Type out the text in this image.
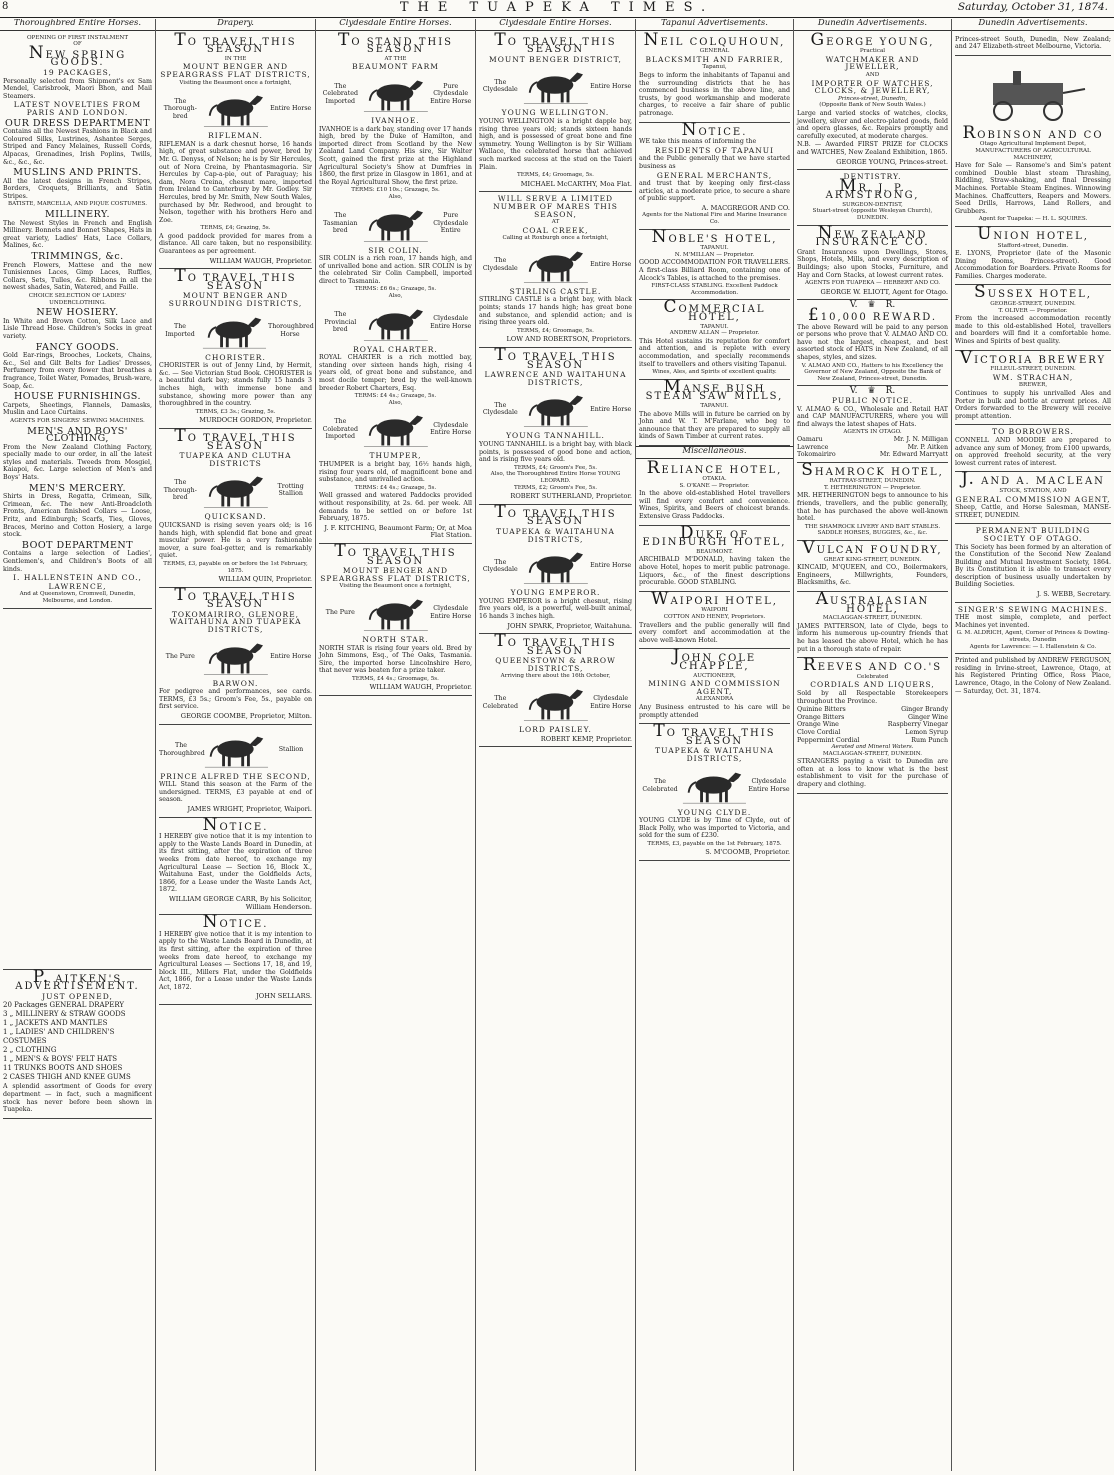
8	THE TUAPEKA TIMES.	Saturday, October 31, 1874.
Thoroughbred Entire Horses.
OPENING OF FIRST INSTALMENT
OF
NEW SPRING GOODS.
19 PACKAGES,

Personally selected from Shipment's ex Sam Mendel, Carisbrook, Maori Bhon, and Mail Steamers.

LATEST NOVELTIES FROM PARIS AND LONDON.
OUR DRESS DEPARTMENT

Contains all the Newest Fashions in Black and Coloured Silks, Lustrines, Ashantee Serges, Striped and Fancy Melaines, Russell Cords, Alpacas, Grenadines, Irish Poplins, Twills, &c., &c., &c.

MUSLINS AND PRINTS.

All the latest designs in French Stripes, Borders, Croquets, Brilliants, and Satin Stripes.

BATISTE, MARCELLA, AND PIQUE COSTUMES.
MILLINERY.

The Newest Styles in French and English Millinery. Bonnets and Bonnet Shapes, Hats in great variety, Ladies' Hats, Lace Collars, Malines, &c.

TRIMMINGS, &c.

French Flowers, Mattese and the new Tunisiennes Laces, Gimp Laces, Ruffles, Collars, Sets, Tulles, &c. Ribbons in all the newest shades, Satin, Watered, and Faille.

CHOICE SELECTION OF LADIES' UNDERCLOTHING.
NEW HOSIERY.

In White and Brown Cotton, Silk Lace and Lisle Thread Hose. Children's Socks in great variety.

FANCY GOODS.

Gold Ear-rings, Brooches, Lockets, Chains, &c., Sel and Gilt Belts for Ladies' Dresses, Perfumery from every flower that breathes a fragrance, Toilet Water, Pomades, Brush-ware, Soap, &c.

HOUSE FURNISHINGS.

Carpets, Sheetings, Flannels, Damasks, Muslin and Lace Curtains.

AGENTS FOR SINGERS' SEWING MACHINES.
MEN'S AND BOYS' CLOTHING,

From the New Zealand Clothing Factory, specially made to our order, in all the latest styles and materials. Tweeds from Mosgiel, Kaiapoi, &c. Large selection of Men's and Boys' Hats.

MEN'S MERCERY.

Shirts in Dress, Regatta, Crimean, Silk, Crimean, &c. The new Anti-Broadcloth Fronts, American finished Collars — Loose, Fritz, and Edinburgh; Scarfs, Ties, Gloves, Braces, Merino and Cotton Hosiery, a large stock.

BOOT DEPARTMENT

Contains a large selection of Ladies', Gentlemen's, and Children's Boots of all kinds.

I. HALLENSTEIN AND CO.,
LAWRENCE,
And at Queenstown, Cromwell, Dunedin, Melbourne, and London.
P. AITKEN'S ADVERTISEMENT.
JUST OPENED,
20 Packages GENERAL DRAPERY
3 „ MILLINERY & STRAW GOODS
1 „ JACKETS AND MANTLES
1 „ LADIES' AND CHILDREN'S COSTUMES
2 „ CLOTHING
1 „ MEN'S & BOYS' FELT HATS
11 TRUNKS BOOTS AND SHOES
2 CASES THIGH AND KNEE GUMS

A splendid assortment of Goods for every department — in fact, such a magnificent stock has never before been shown in Tuapeka.

Drapery.
TO TRAVEL THIS SEASON
IN THE
MOUNT BENGER AND SPEARGRASS FLAT DISTRICTS,
Visiting the Beaumont once a fortnight,
The Thorough-bred
Entire Horse
RIFLEMAN.

RIFLEMAN is a dark chesnut horse, 16 hands high, of great substance and power, bred by Mr. G. Denyss, of Nelson; he is by Sir Hercules, out of Nora Creina, by Phantasmagoria. Sir Hercules by Cap-a-pie, out of Paraguay; his dam, Nora Creina, chesnut mare, imported from Ireland to Canterbury by Mr. Godley. Sir Hercules, bred by Mr. Smith, New South Wales, purchased by Mr. Redwood, and brought to Nelson, together with his brothers Hero and Zoe.

TERMS, £4; Grazing, 5s.

A good paddock provided for mares from a distance. All care taken, but no responsibility. Guarantees as per agreement.

WILLIAM WAUGH, Proprietor.
TO TRAVEL THIS SEASON
MOUNT BENGER AND SURROUNDING DISTRICTS,
The Imported
Thoroughbred Horse
CHORISTER.

CHORISTER is out of Jenny Lind, by Hermit, &c. — See Victorian Stud Book. CHORISTER is a beautiful dark bay; stands fully 15 hands 3 inches high, with immense bone and substance, showing more power than any thoroughbred in the country.

TERMS, £3 3s.; Grazing, 5s.
MURDOCH GORDON, Proprietor.
TO TRAVEL THIS SEASON
TUAPEKA AND CLUTHA DISTRICTS
The Thorough-bred
Trotting Stallion
QUICKSAND.

QUICKSAND is rising seven years old; is 16 hands high, with splendid flat bone and great muscular power. He is a very fashionable mover, a sure foal-getter, and is remarkably quiet.

TERMS, £3, payable on or before the 1st February, 1875.
WILLIAM QUIN, Proprietor.
TO TRAVEL THIS SEASON
TOKOMAIRIRO, GLENORE, WAITAHUNA AND TUAPEKA DISTRICTS,
The Pure	Entire Horse
BARWON.

For pedigree and performances, see cards. TERMS, £3 5s.; Groom's Fee, 5s., payable on first service.

GEORGE COOMBE, Proprietor, Milton.
The Thoroughbred
Stallion
PRINCE ALFRED THE SECOND,

WILL Stand this season at the Farm of the undersigned. TERMS, £3 payable at end of season.

JAMES WRIGHT, Proprietor, Waipori.
NOTICE.

I HEREBY give notice that it is my intention to apply to the Waste Lands Board in Dunedin, at its first sitting, after the expiration of three weeks from date hereof, to exchange my Agricultural Lease — Section 16, Block X., Waitahuna East, under the Goldfields Acts, 1866, for a Lease under the Waste Lands Act, 1872.

WILLIAM GEORGE CARR, By his Solicitor, William Henderson.
NOTICE.

I HEREBY give notice that it is my intention to apply to the Waste Lands Board in Dunedin, at its first sitting, after the expiration of three weeks from date hereof, to exchange my Agricultural Leases — Sections 17, 18, and 19, block III., Millers Flat, under the Goldfields Act, 1866, for a Lease under the Waste Lands Act, 1872.

JOHN SELLARS.
Clydesdale Entire Horses.
TO STAND THIS SEASON
AT THE
BEAUMONT FARM
The Celebrated Imported
Pure Clydesdale Entire Horse
IVANHOE.

IVANHOE is a dark bay, standing over 17 hands high, bred by the Duke of Hamilton, and imported direct from Scotland by the New Zealand Land Company. His sire, Sir Walter Scott, gained the first prize at the Highland Agricultural Society's Show at Dumfries in 1860, the first prize in Glasgow in 1861, and at the Royal Agricultural Show, the first prize.

TERMS: £10 10s.; Grazage, 5s.
Also,
The Tasmanian bred
Pure Clydesdale Entire
SIR COLIN.

SIR COLIN is a rich roan, 17 hands high, and of unrivalled bone and action. SIR COLIN is by the celebrated Sir Colin Campbell, imported direct to Tasmania.

TERMS: £6 6s.; Grazage, 5s.
Also,
The Provincial bred
Clydesdale Entire Horse
ROYAL CHARTER.

ROYAL CHARTER is a rich mottled bay, standing over sixteen hands high, rising 4 years old, of great bone and substance, and most docile temper; bred by the well-known breeder Robert Charters, Esq.

TERMS: £4 4s.; Grazage, 5s.
Also,
The Colebrated Imported
Clydesdale Entire Horse
THUMPER,

THUMPER is a bright bay, 16½ hands high, rising four years old, of magnificent bone and substance, and unrivalled action.

TERMS: £4 4s.; Grazage, 5s.

Well grassed and watered Paddocks provided without responsibility, at 2s. 6d. per week. All demands to be settled on or before 1st February, 1875.

J. F. KITCHING, Beaumont Farm; Or, at Moa Flat Station.
TO TRAVEL THIS SEASON
MOUNT BENGER AND SPEARGRASS FLAT DISTRICTS,
Visiting the Beaumont once a fortnight,
The Pure
Clydesdale Entire Horse
NORTH STAR.

NORTH STAR is rising four years old. Bred by John Simmons, Esq., of The Oaks, Tasmania. Sire, the imported horse Lincolnshire Hero, that never was beaten for a prize taker.

TERMS, £4 4s.; Groomage, 5s.
WILLIAM WAUGH, Proprietor.
Clydesdale Entire Horses.
TO TRAVEL THIS SEASON
MOUNT BENGER DISTRICT,
The Clydesdale
Entire Horse
YOUNG WELLINGTON.

YOUNG WELLINGTON is a bright dapple bay, rising three years old; stands sixteen hands high, and is possessed of great bone and fine symmetry. Young Wellington is by Sir William Wallace, the celebrated horse that achieved such marked success at the stud on the Taieri Plain.

TERMS, £4; Groomage, 5s.
MICHAEL McCARTHY, Moa Flat.
WILL SERVE A LIMITED NUMBER OF MARES THIS SEASON,
AT
COAL CREEK,
Calling at Roxburgh once a fortnight,
The Clydesdale
Entire Horse
STIRLING CASTLE.

STIRLING CASTLE is a bright bay, with black points; stands 17 hands high; has great bone and substance, and splendid action; and is rising three years old.

TERMS, £4; Groomage, 5s.
LOW AND ROBERTSON, Proprietors.
TO TRAVEL THIS SEASON
LAWRENCE AND WAITAHUNA DISTRICTS,
The Clydesdale
Entire Horse
YOUNG TANNAHILL.

YOUNG TANNAHILL is a bright bay, with black points, is possessed of good bone and action, and is rising five years old.

TERMS, £4; Groom's Fee, 5s.
Also, the Thoroughbred Entire Horse YOUNG LEOPARD.
TERMS, £2; Groom's Fee, 5s.
ROBERT SUTHERLAND, Proprietor.
TO TRAVEL THIS SEASON
TUAPEKA & WAITAHUNA DISTRICTS,
The Clydesdale
Entire Horse
YOUNG EMPEROR.

YOUNG EMPEROR is a bright chesnut, rising five years old, is a powerful, well-built animal, 16 hands 3 inches high.

JOHN SPARK, Proprietor, Waitahuna.
TO TRAVEL THIS SEASON
QUEENSTOWN & ARROW DISTRICTS,
Arriving there about the 16th October,
The Celebrated
Clydesdale Entire Horse
LORD PAISLEY.
ROBERT KEMP, Proprietor.
Tapanui Advertisements.
NEIL COLQUHOUN,
GENERAL
BLACKSMITH AND FARRIER,
Tapanui,

Begs to inform the inhabitants of Tapanui and the surrounding districts that he has commenced business in the above line, and trusts, by good workmanship and moderate charges, to receive a fair share of public patronage.

NOTICE.

WE take this means of informing the

RESIDENTS OF TAPANUI

and the Public generally that we have started business as

GENERAL MERCHANTS,

and trust that by keeping only first-class articles, at a moderate price, to secure a share of public support.

A. MACGREGOR AND CO.
Agents for the National Fire and Marine Insurance Co.
NOBLE'S HOTEL,
TAPANUI.
N. M'MILLAN — Proprietor.

GOOD ACCOMMODATION FOR TRAVELLERS. A first-class Billiard Room, containing one of Alcock's Tables, is attached to the premises.

FIRST-CLASS STABLING. Excellent Paddock Accommodation.
COMMERCIAL HOTEL,
TAPANUI.
ANDREW ALLAN — Proprietor.

This Hotel sustains its reputation for comfort and attention, and is replete with every accommodation, and specially recommends itself to travellers and others visiting Tapanui.

Wines, Ales, and Spirits of excellent quality.
MANSE BUSH STEAM SAW MILLS,
TAPANUI.

The above Mills will in future be carried on by John and W. T. M'Farlane, who beg to announce that they are prepared to supply all kinds of Sawn Timber at current rates.

Miscellaneous.
RELIANCE HOTEL,
OTAKIA.
S. O'KANE — Proprietor.

In the above old-established Hotel travellers will find every comfort and convenience. Wines, Spirits, and Beers of choicest brands. Extensive Grass Paddocks.

DUKE OF EDINBURGH HOTEL,
BEAUMONT.

ARCHIBALD M'DONALD, having taken the above Hotel, hopes to merit public patronage. Liquors, &c., of the finest descriptions procurable. GOOD STABLING.

WAIPORI HOTEL,
WAIPORI
COTTON AND HENEY, Proprietors.

Travellers and the public generally will find every comfort and accommodation at the above well-known Hotel.

JOHN COLE CHAPPLE,
AUCTIONEER,
MINING AND COMMISSION AGENT,
ALEXANDRA

Any Business entrusted to his care will be promptly attended

TO TRAVEL THIS SEASON
TUAPEKA & WAITAHUNA DISTRICTS,
The Celebrated
Clydesdale Entire Horse
YOUNG CLYDE.

YOUNG CLYDE is by Time of Clyde, out of Black Polly, who was imported to Victoria, and sold for the sum of £230.

TERMS, £3, payable on the 1st February, 1875.
S. M'COOMB, Proprietor.
Dunedin Advertisements.
GEORGE YOUNG,
Practical
WATCHMAKER AND JEWELLER,
AND
IMPORTER OF WATCHES, CLOCKS, & JEWELLERY,
Princes-street, Dunedin,
(Opposite Bank of New South Wales.)

Large and varied stocks of watches, clocks, jewellery, silver and electro-plated goods, field and opera glasses, &c. Repairs promptly and carefully executed, at moderate charges.

N.B. — Awarded FIRST PRIZE for CLOCKS and WATCHES, New Zealand Exhibition, 1865.

GEORGE YOUNG, Princes-street.
DENTISTRY.
MR. J. P. ARMSTRONG,
SURGEON-DENTIST,
Stuart-street (opposite Wesleyan Church), DUNEDIN.
NEW ZEALAND INSURANCE CO.

Grant Insurances upon Dwellings, Stores, Shops, Hotels, Mills, and every description of Buildings; also upon Stocks, Furniture, and Hay and Corn Stacks, at lowest current rates.

AGENTS FOR TUAPEKA — HERBERT AND CO.
GEORGE W. ELIOTT, Agent for Otago.
V. ♛ R.
£10,000 REWARD.

The above Reward will be paid to any person or persons who prove that V. ALMAO AND CO. have not the largest, cheapest, and best assorted stock of HATS in New Zealand, of all shapes, styles, and sizes.

V. ALMAO AND CO., Hatters to his Excellency the Governor of New Zealand, Opposite the Bank of New Zealand, Princes-street, Dunedin.
V. ♛ R.
PUBLIC NOTICE.

V. ALMAO & CO., Wholesale and Retail HAT and CAP MANUFACTURERS, where you will find always the latest shapes of Hats.

AGENTS IN OTAGO.
Oamaru	Mr. J. N. Milligan
Lawrence	Mr. P. Aitken
Tokomairiro	Mr. Edward Marryatt
SHAMROCK HOTEL,
RATTRAY-STREET, DUNEDIN.
T. HETHERINGTON — Proprietor.

MR. HETHERINGTON begs to announce to his friends, travellers, and the public generally, that he has purchased the above well-known hotel.

THE SHAMROCK LIVERY AND BAIT STABLES.
SADDLE HORSES, BUGGIES, &c., &c.
VULCAN FOUNDRY,
GREAT KING-STREET, DUNEDIN.

KINCAID, M'QUEEN, and CO., Boilermakers, Engineers, Millwrights, Founders, Blacksmiths, &c.

AUSTRALASIAN HOTEL,
MACLAGGAN-STREET, DUNEDIN.

JAMES PATTERSON, late of Clyde, begs to inform his numerous up-country friends that he has leased the above Hotel, which he has put in a thorough state of repair.

REEVES AND CO.'S
Celebrated
CORDIALS AND LIQUERS,

Sold by all Respectable Storekeepers throughout the Province.

Quinine Bitters	Ginger Brandy
Orange Bitters	Ginger Wine
Orange Wine	Raspberry Vinegar
Clove Cordial	Lemon Syrup
Peppermint Cordial	Rum Punch
Aerated and Mineral Waters.
MACLAGGAN-STREET, DUNEDIN.

STRANGERS paying a visit to Dunedin are often at a loss to know what is the best establishment to visit for the purchase of drapery and clothing.

Dunedin Advertisements.

Princes-street South, Dunedin, New Zealand; and 247 Elizabeth-street Melbourne, Victoria.

ROBINSON AND CO
Otago Agricultural Implement Depot, MANUFACTURERS OF AGRICULTURAL MACHINERY,

Have for Sale — Ransome's and Sim's patent combined Double blast steam Thrashing, Riddling, Straw-shaking, and final Dressing Machines. Portable Steam Engines. Winnowing Machines. Chaffcutters, Reapers and Mowers. Seed Drills, Harrows, Land Rollers, and Grubbers.

Agent for Tuapeka: — H. L. SQUIRES.
UNION HOTEL,
Stafford-street, Dunedin.

E. LYONS, Proprietor (late of the Masonic Dining Rooms, Princes-street). Good Accommodation for Boarders. Private Rooms for Families. Charges moderate.

SUSSEX HOTEL,
GEORGE-STREET, DUNEDIN.
T. OLIVER — Proprietor.

From the increased accommodation recently made to this old-established Hotel, travellers and boarders will find it a comfortable home. Wines and Spirits of best quality.

VICTORIA BREWERY
FILLEUL-STREET, DUNEDIN.
WM. STRACHAN,
BREWER,

Continues to supply his unrivalled Ales and Porter in bulk and bottle at current prices. All Orders forwarded to the Brewery will receive prompt attention.

TO BORROWERS.

CONNELL AND MOODIE are prepared to advance any sum of Money, from £100 upwards, on approved freehold security, at the very lowest current rates of interest.

J. AND A. MACLEAN
STOCK, STATION, AND
GENERAL COMMISSION AGENT,

Sheep, Cattle, and Horse Salesman, MANSE-STREET, DUNEDIN.

PERMANENT BUILDING SOCIETY OF OTAGO.

This Society has been formed by an alteration of the Constitution of the Second New Zealand Building and Mutual Investment Society, 1864. By its Constitution it is able to transact every description of business usually undertaken by Building Societies.

J. S. WEBB, Secretary.
SINGER'S SEWING MACHINES.

THE most simple, complete, and perfect Machines yet invented.

G. M. ALDRICH, Agent, Corner of Princes & Dowling-streets, Dunedin
Agents for Lawrence: — I. Hallenstein & Co.

Printed and published by ANDREW FERGUSON, residing in Irvine-street, Lawrence, Otago, at his Registered Printing Office, Ross Place, Lawrence, Otago, in the Colony of New Zealand. — Saturday, Oct. 31, 1874.
